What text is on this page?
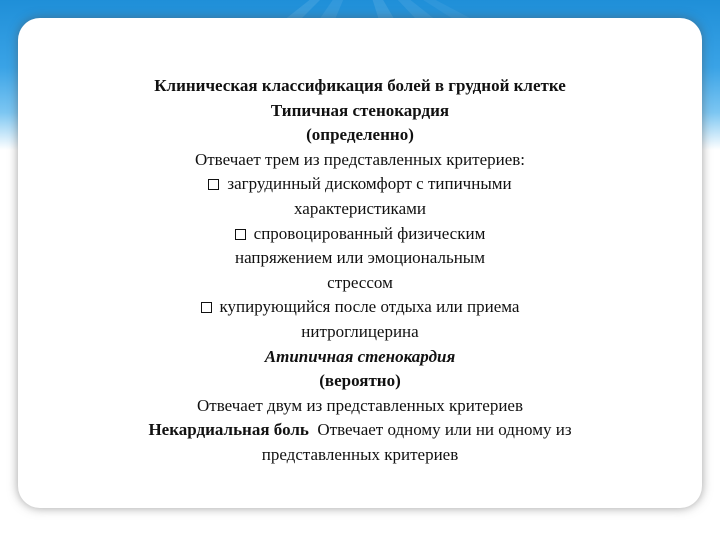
Клиническая классификация болей в грудной клетке
Типичная стенокардия
(определенно)
Отвечает трем из представленных критериев:
загрудинный дискомфорт с типичными
характеристиками
спровоцированный физическим
напряжением или эмоциональным
стрессом
купирующийся после отдыха или приема
нитроглицерина
Атипичная стенокардия
(вероятно)
Отвечает двум из представленных критериев
Некардиальная боль Отвечает одному или ни одному из
представленных критериев
